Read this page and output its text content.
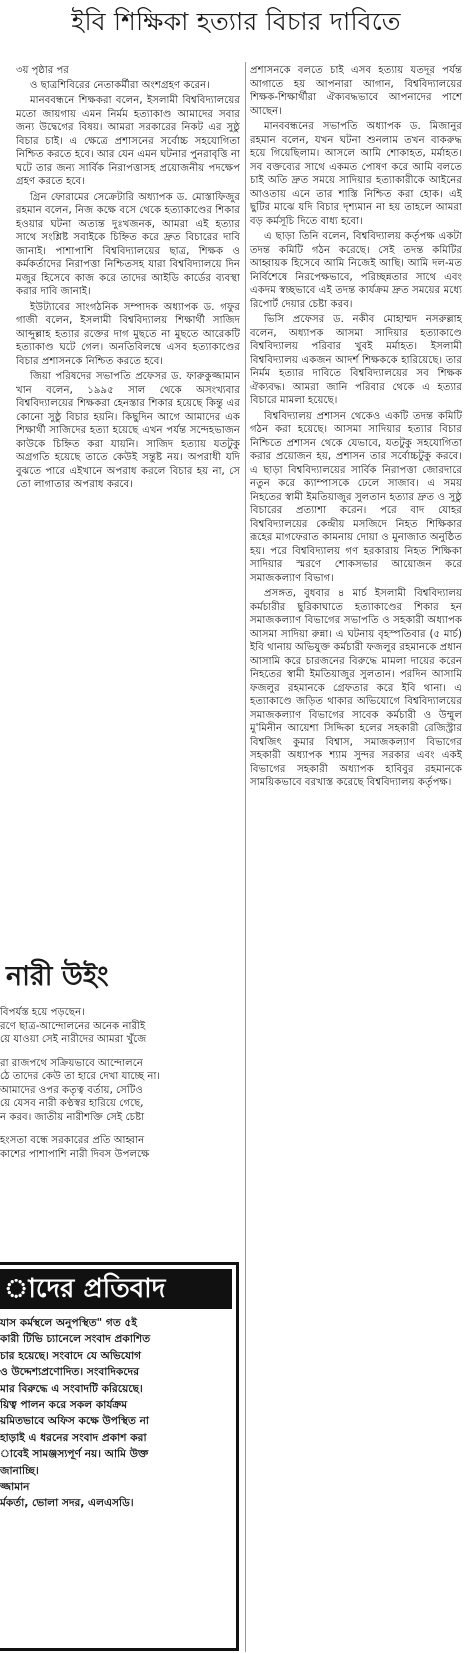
ইবি শিক্ষিকা হত্যার বিচার দাবিতে
৩য় পৃষ্ঠার পর

ও ছাত্রশিবিরের নেতাকর্মীরা অংশগ্রহণ করেন।

মানববন্ধনে শিক্ষকরা বলেন, ইসলামী বিশ্ববিদ্যালয়ের মতো জায়গায় এমন নির্মম হত্যাকাণ্ড আমাদের সবার জন্য উদ্বেগের বিষয়। আমরা সরকারের নিকট এর সুষ্ঠু বিচার চাই। এ ক্ষেত্রে প্রশাসনের সর্বোচ্চ সহযোগিতা নিশ্চিত করতে হবে। আর যেন এমন ঘটনার পুনরাবৃত্তি না ঘটে তার জন্য সার্বিক নিরাপত্তাসহ প্রয়োজনীয় পদক্ষেপ গ্রহণ করতে হবে।

গ্রিন ফোরামের সেক্রেটারি অধ্যাপক ড. মোস্তাফিজুর রহমান বলেন, নিজ কক্ষে বসে থেকে হত্যাকাণ্ডের শিকার হওয়ার ঘটনা অত্যন্ত দুঃখজনক, আমরা এই হত্যার সাথে সংশ্লিষ্ট সবাইকে চিহ্নিত করে দ্রুত বিচারের দাবি জানাই। পাশাপাশি বিশ্ববিদ্যালয়ের ছাত্র, শিক্ষক ও কর্মকর্তাদের নিরাপত্তা নিশ্চিতসহ যারা বিশ্ববিদ্যালয়ে দিন মজুর হিসেবে কাজ করে তাদের আইডি কার্ডের ব্যবস্থা করার দাবি জানাই।

ইউট্যাবের সাংগঠনিক সম্পাদক অধ্যাপক ড. গফুর গাজী বলেন, ইসলামী বিশ্ববিদ্যালয় শিক্ষার্থী সাজিদ আব্দুল্লাহ হত্যার রক্তের দাগ মুছতে না মুছতে আরেকটি হত্যাকাণ্ড ঘটে গেল। অনতিবিলম্বে এসব হত্যাকাণ্ডের বিচার প্রশাসনকে নিশ্চিত করতে হবে।

জিয়া পরিষদের সভাপতি প্রফেসর ড. ফারুকুজ্জামান খান বলেন, ১৯৯৫ সাল থেকে অসংখ্যবার বিশ্ববিদ্যালয়ের শিক্ষকরা হেনস্তার শিকার হয়েছে কিন্তু এর কোনো সুষ্ঠু বিচার হয়নি। কিছুদিন আগে আমাদের এক শিক্ষার্থী সাজিদের হত্যা হয়েছে এখন পর্যন্ত সন্দেহভাজন কাউকে চিহ্নিত করা যায়নি। সাজিদ হত্যায় যতটুকু অগ্রগতি হয়েছে তাতে কেউই সন্তুষ্ট নয়। অপরাধী যদি বুঝতে পারে এইখানে অপরাধ করলে বিচার হয় না, সে তো লাগাতার অপরাধ করবে।

প্রশাসনকে বলতে চাই এসব হত্যায় যতদূর পর্যন্ত আগাতে হয় আপনারা আগান, বিশ্ববিদ্যালয়ের শিক্ষক-শিক্ষার্থীরা ঐক্যবদ্ধভাবে আপনাদের পাশে আছেন।

মানববন্ধনের সভাপতি অধ্যাপক ড. মিজানুর রহমান বলেন, যখন ঘটনা শুনলাম তখন বাকরুদ্ধ হয়ে গিয়েছিলাম। আসলে আমি শোকাহত, মর্মাহত। সব বক্তব্যের সাথে একমত পোষণ করে আমি বলতে চাই অতি দ্রুত সময়ে সাদিয়ার হত্যাকারীকে আইনের আওতায় এনে তার শাস্তি নিশ্চিত করা হোক। এই ছুটির মাঝে যদি বিচার দৃশ্যমান না হয় তাহলে আমরা বড় কর্মসূচি দিতে বাধ্য হবো।

এ ছাড়া তিনি বলেন, বিশ্ববিদ্যালয় কর্তৃপক্ষ একটা তদন্ত কমিটি গঠন করেছে। সেই তদন্ত কমিটির আহ্বায়ক হিসেবে আমি নিজেই আছি। আমি দল-মত নির্বিশেষে নিরপেক্ষভাবে, পরিচ্ছন্নতার সাথে এবং একদম স্বচ্ছভাবে এই তদন্ত কার্যক্রম দ্রুত সময়ের মধ্যে রিপোর্ট দেয়ার চেষ্টা করব।

ভিসি প্রফেসর ড. নকীব মোহাম্মদ নসরুল্লাহ বলেন, অধ্যাপক আসমা সাদিয়ার হত্যাকাণ্ডে বিশ্ববিদ্যালয় পরিবার খুবই মর্মাহত। ইসলামী বিশ্ববিদ্যালয় একজন আদর্শ শিক্ষককে হারিয়েছে। তার নির্মম হত্যার দাবিতে বিশ্ববিদ্যালয়ের সব শিক্ষক ঐক্যবদ্ধ। আমরা জানি পরিবার থেকে এ হত্যার বিচারে মামলা হয়েছে।

বিশ্ববিদ্যালয় প্রশাসন থেকেও একটি তদন্ত কমিটি গঠন করা হয়েছে। আসমা সাদিয়ার হত্যার বিচার নিশ্চিতে প্রশাসন থেকে যেভাবে, যতটুকু সহযোগিতা করার প্রয়োজন হয়, প্রশাসন তার সর্বোচ্চটুকু করবে। এ ছাড়া বিশ্ববিদ্যালয়ের সার্বিক নিরাপত্তা জোরদারে নতুন করে ক্যাম্পাসকে ঢেলে সাজাব। এ সময় নিহতের স্বামী ইমতিয়াজুর সুলতান হত্যার দ্রুত ও সুষ্ঠু বিচারের প্রত্যাশা করেন। পরে বাদ যোহর বিশ্ববিদ্যালয়ের কেন্দ্রীয় মসজিদে নিহত শিক্ষিকার রূহের মাগফেরাত কামনায় দোয়া ও মুনাজাত অনুষ্ঠিত হয়। পরে বিশ্ববিদ্যালয় গণ হরকারায় নিহত শিক্ষিকা সাদিয়ার স্মরণে শোকসভার আয়োজন করে সমাজকল্যাণ বিভাগ।

প্রসঙ্গত, বুধবার ৪ মার্চ ইসলামী বিশ্ববিদ্যালয় কর্মচারীর ছুরিকাঘাতে হত্যাকাণ্ডের শিকার হন সমাজকল্যাণ বিভাগের সভাপতি ও সহকারী অধ্যাপক আসমা সাদিয়া রুন্না। এ ঘটনায় বৃহস্পতিবার (৫ মার্চ) ইবি থানায় অভিযুক্ত কর্মচারী ফজলুর রহমানকে প্রধান আসামি করে চারজনের বিরুদ্ধে মামলা দায়ের করেন নিহতের স্বামী ইমতিয়াজুর সুলতান। পরদিন আসামি ফজলুর রহমানকে গ্রেফতার করে ইবি থানা। এ হত্যাকাণ্ডে জড়িত থাকার অভিযোগে বিশ্ববিদ্যালয়ের সমাজকল্যাণ বিভাগের সাবেক কর্মচারী ও উম্মুল মু'মিনীন আয়েশা সিদ্দিকা হলের সহকারী রেজিস্ট্রার বিশ্বজিৎ কুমার বিশ্বাস, সমাজকল্যাণ বিভাগের সহকারী অধ্যাপক শ্যাম সুন্দর সরকার এবং একই বিভাগের সহকারী অধ্যাপক হাবিবুর রহমানকে সাময়িকভাবে বরখাস্ত করেছে বিশ্ববিদ্যালয় কর্তৃপক্ষ।

নারী উইং
বিপর্যস্ত হয়ে পড়ছেন।
রণে ছাত্র-আন্দোলনের অনেক নারীই
য়ে যাওয়া সেই নারীদের আমরা খুঁজে
রা রাজপথে সক্রিয়ভাবে আন্দোলনে
ঠে তাদের কেউ তা হারে দেখা যাচ্ছে না।
আমাদের ওপর কতৃত্ব বর্তায়, সেটিও
য়ে যেসব নারী কণ্ঠস্বর হারিয়ে গেছে,
ন করব। জাতীয় নারীশক্তি সেই চেষ্টা
হংসতা বন্ধে সরকারের প্রতি আহ্বান
কাশের পাশাপাশি নারী দিবস উপলক্ষে
াদের প্রতিবাদ
যাস কর্মস্থলে অনুপস্থিত" গত ৫ই
কারী টিভি চ্যানেলে সংবাদ প্রকাশিত
চার হয়েছে। সংবাদে যে অভিযোগ
ও উদ্দেশ্যপ্রণোদিত। সংবাদিকদের
মার বিরুদ্ধে এ সংবাদটি করিয়েছে।
য়িত্ব পালন করে সকল কার্যক্রম
য়মিতভাবে অফিস কক্ষে উপস্থিত না
হাড়াই এ ধরনের সংবাদ প্রকাশ করা
াবেই সামঞ্জস্যপূর্ণ নয়। আমি উক্ত
জানাচ্ছি।
জ্জামান
র্মকর্তা, ভোলা সদর, এলএসডি।
